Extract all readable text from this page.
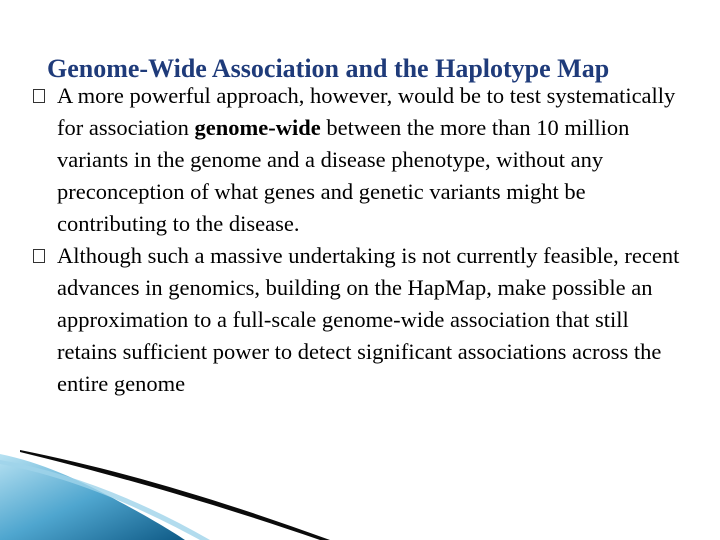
Genome-Wide Association and the Haplotype Map
A more powerful approach, however, would be to test systematically for association genome-wide between the more than 10 million variants in the genome and a disease phenotype, without any preconception of what genes and genetic variants might be contributing to the disease.
Although such a massive undertaking is not currently feasible, recent advances in genomics, building on the HapMap, make possible an approximation to a full-scale genome-wide association that still retains sufficient power to detect significant associations across the entire genome
